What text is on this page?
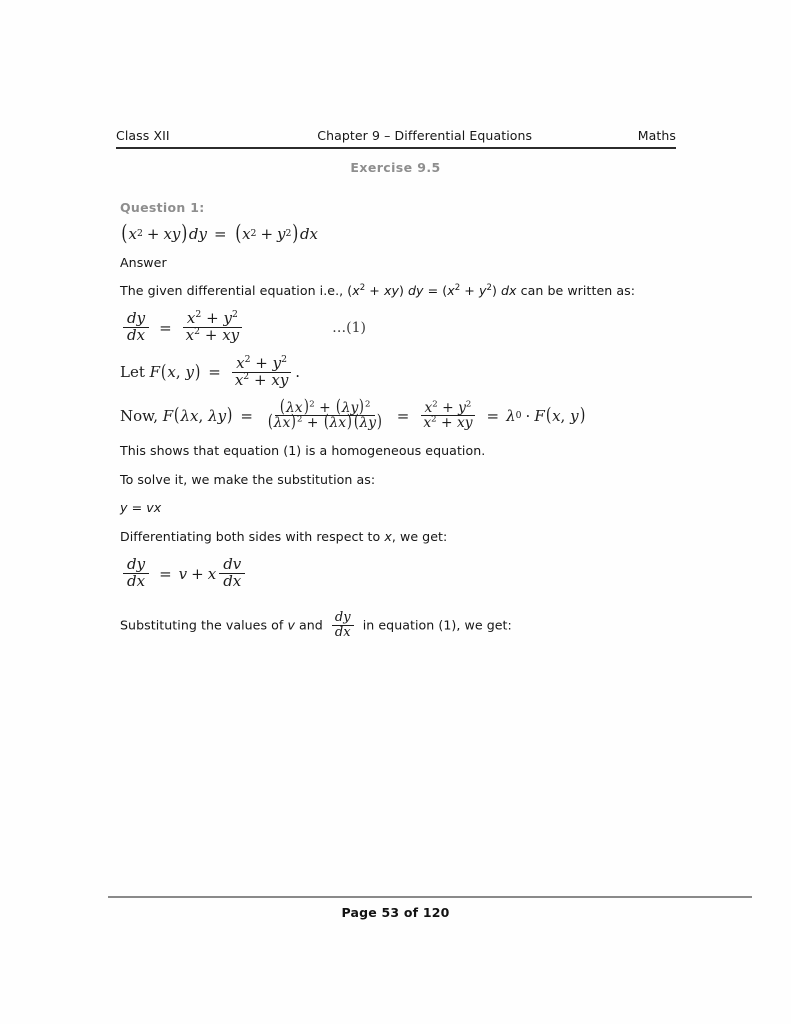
Class XII	Chapter 9 – Differential Equations	Maths
Exercise 9.5
Question 1:
( x 2 + xy ) dy = ( x 2 + y 2 ) dx
Answer
The given differential equation i.e., $(x^2 + xy)$ dy = $(x^2 + y^2)$ dx can be written as:
$\frac{dy}{dx} = \frac{x^2 + y^2}{x^2 + xy}$	…(1)
Let
F ( x ,
y ) = $\frac{x^2 + y^2}{x^2 + xy}$ .
Now,
F ( λ x ,
λ y ) = $\frac{(\lambda x)^2 + (\lambda y)^2}{(\lambda x)^2 + (\lambda x)(\lambda y)} = \frac{x^2 + y^2}{x^2 + xy} = \lambda$ 0 · F ( x ,
y )
This shows that equation (1) is a homogeneous equation.
To solve it, we make the substitution as:
y = vx
Differentiating both sides with respect to x, we get:
$\frac{dy}{dx} = v + x \frac{dv}{dx}$
Substituting the values of v and $\frac{dy}{dx}$ in equation (1), we get:
Page 53 of 120
